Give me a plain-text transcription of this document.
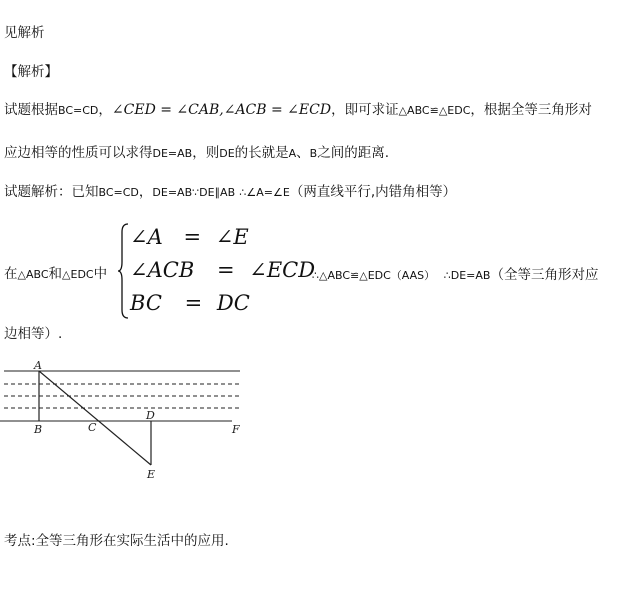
见解析
【解析】
试题根据BC=CD，∠CED = ∠CAB,∠ACB = ∠ECD，即可求证△ABC≌△EDC，根据全等三角形对
应边相等的性质可以求得DE=AB，则DE的长就是A、B之间的距离.
试题解析：已知BC=CD，DE=AB∵DE∥AB ∴∠A=∠E（两直线平行,内错角相等）
在△ABC和△EDC中
∠A = ∠E
∠ACB = ∠ECD
BC = DC
∴△ABC≌△EDC（AAS） ∴DE=AB（全等三角形对应
边相等）.
A
B	C
D
E
F
考点:全等三角形在实际生活中的应用.
